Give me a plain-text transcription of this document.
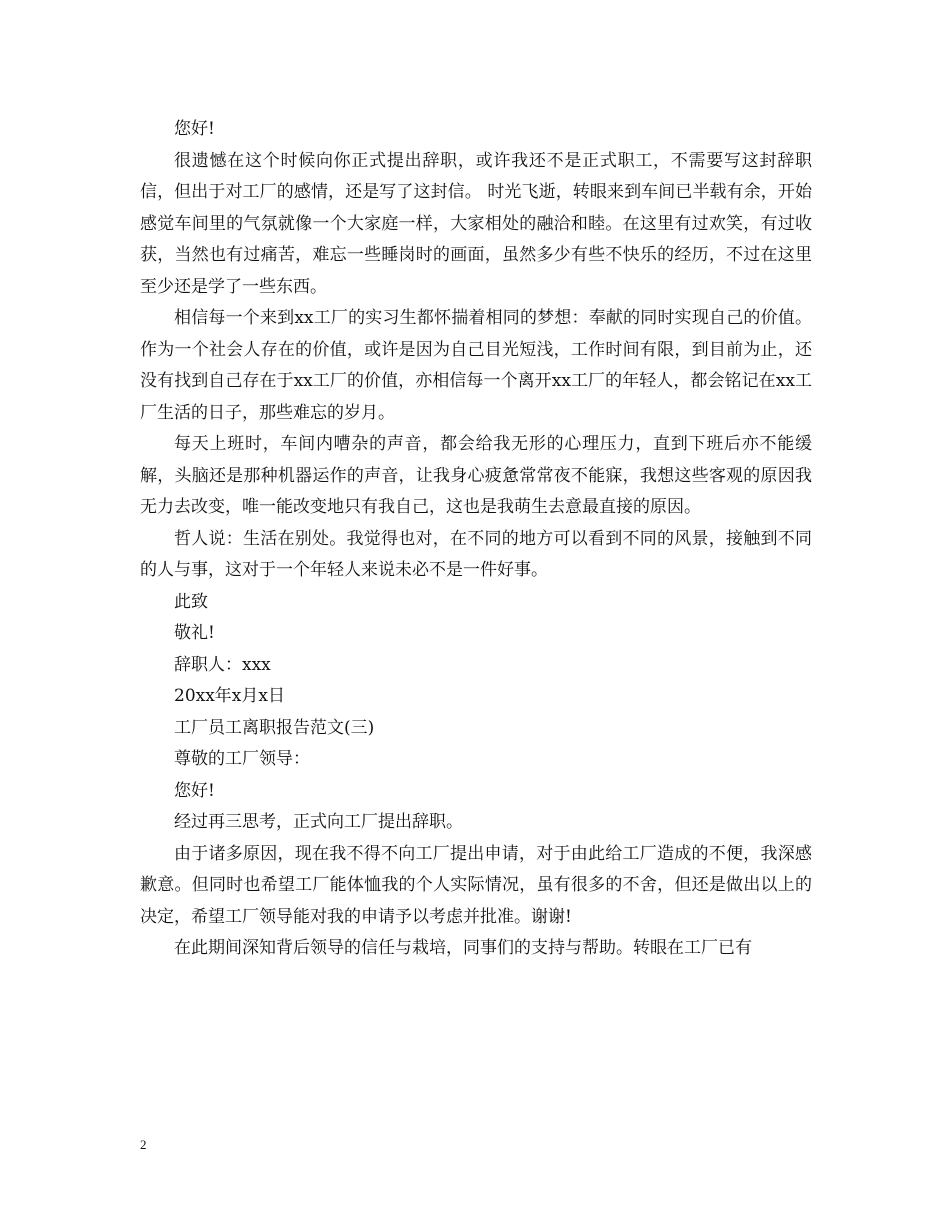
您好!

很遗憾在这个时候向你正式提出辞职，或许我还不是正式职工，不需要写这封辞职信，但出于对工厂的感情，还是写了这封信。 时光飞逝，转眼来到车间已半载有余，开始感觉车间里的气氛就像一个大家庭一样，大家相处的融洽和睦。在这里有过欢笑，有过收获，当然也有过痛苦，难忘一些睡岗时的画面，虽然多少有些不快乐的经历，不过在这里至少还是学了一些东西。

相信每一个来到xx工厂的实习生都怀揣着相同的梦想：奉献的同时实现自己的价值。作为一个社会人存在的价值，或许是因为自己目光短浅，工作时间有限，到目前为止，还没有找到自己存在于xx工厂的价值，亦相信每一个离开xx工厂的年轻人，都会铭记在xx工厂生活的日子，那些难忘的岁月。

每天上班时，车间内嘈杂的声音，都会给我无形的心理压力，直到下班后亦不能缓解，头脑还是那种机器运作的声音，让我身心疲惫常常夜不能寐，我想这些客观的原因我无力去改变，唯一能改变地只有我自己，这也是我萌生去意最直接的原因。

哲人说：生活在别处。我觉得也对，在不同的地方可以看到不同的风景，接触到不同的人与事，这对于一个年轻人来说未必不是一件好事。

此致

敬礼!

辞职人：xxx

20xx年x月x日

工厂员工离职报告范文(三)

尊敬的工厂领导：

您好!

经过再三思考，正式向工厂提出辞职。

由于诸多原因，现在我不得不向工厂提出申请，对于由此给工厂造成的不便，我深感歉意。但同时也希望工厂能体恤我的个人实际情况，虽有很多的不舍，但还是做出以上的决定，希望工厂领导能对我的申请予以考虑并批准。谢谢!

在此期间深知背后领导的信任与栽培，同事们的支持与帮助。转眼在工厂已有

2
